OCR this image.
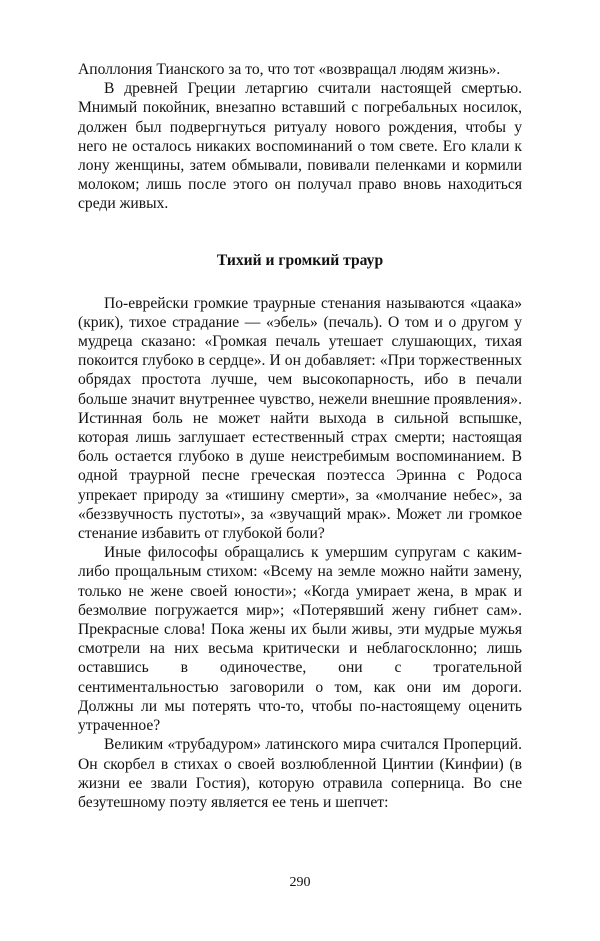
Аполлония Тианского за то, что тот «возвращал людям жизнь».

В древней Греции летаргию считали настоящей смертью. Мнимый покойник, внезапно вставший с погребальных носилок, должен был подвергнуться ритуалу нового рождения, чтобы у него не осталось никаких воспоминаний о том свете. Его клали к лону женщины, затем обмывали, повивали пеленками и кормили молоком; лишь после этого он получал право вновь находиться среди живых.

Тихий и громкий траур

По-еврейски громкие траурные стенания называются «цаака» (крик), тихое страдание — «эбель» (печаль). О том и о другом у мудреца сказано: «Громкая печаль утешает слушающих, тихая покоится глубоко в сердце». И он добавляет: «При торжественных обрядах простота лучше, чем высокопарность, ибо в печали больше значит внутреннее чувство, нежели внешние проявления». Истинная боль не может найти выхода в сильной вспышке, которая лишь заглушает естественный страх смерти; настоящая боль остается глубоко в душе неистребимым воспоминанием. В одной траурной песне греческая поэтесса Эринна с Родоса упрекает природу за «тишину смерти», за «молчание небес», за «беззвучность пустоты», за «звучащий мрак». Может ли громкое стенание избавить от глубокой боли?

Иные философы обращались к умершим супругам с каким-либо прощальным стихом: «Всему на земле можно найти замену, только не жене своей юности»; «Когда умирает жена, в мрак и безмолвие погружается мир»; «Потерявший жену гибнет сам». Прекрасные слова! Пока жены их были живы, эти мудрые мужья смотрели на них весьма критически и неблагосклонно; лишь оставшись в одиночестве, они с трогательной сентиментальностью заговорили о том, как они им дороги. Должны ли мы потерять что-то, чтобы по-настоящему оценить утраченное?

Великим «трубадуром» латинского мира считался Проперций. Он скорбел в стихах о своей возлюбленной Цинтии (Кинфии) (в жизни ее звали Гостия), которую отравила соперница. Во сне безутешному поэту является ее тень и шепчет:

290
